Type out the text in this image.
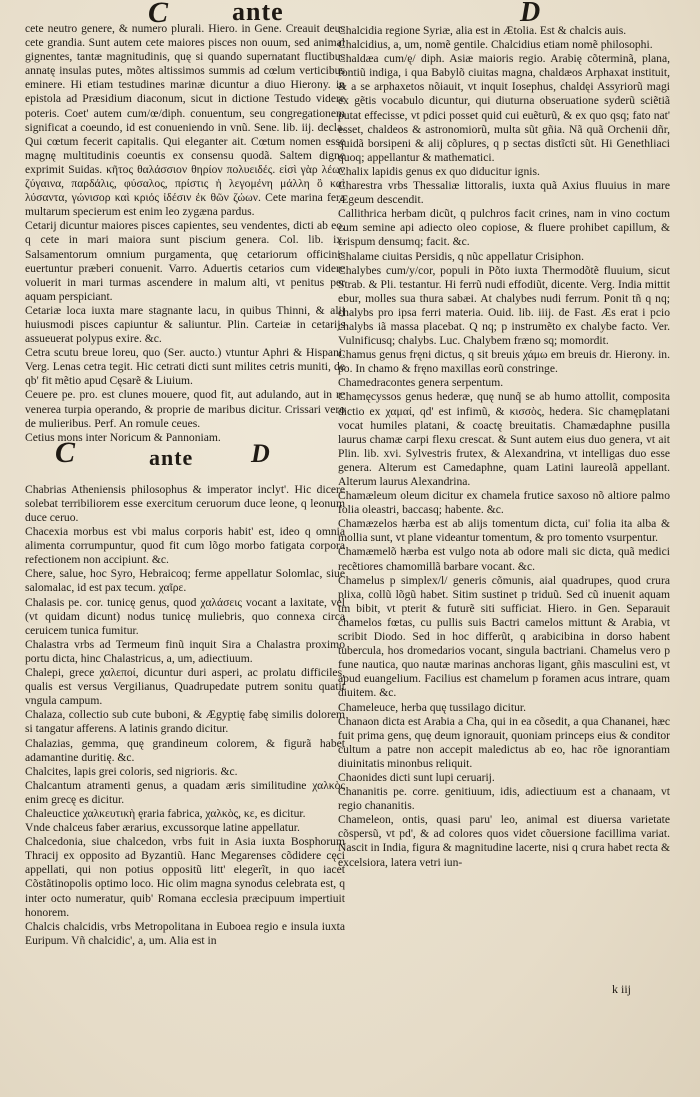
C ante	D

cete neutro genere, & numero plurali. Hiero. in Gene. Creauit deus cete grandia. Sunt autem cete maiores pisces non ouum, sed animal gignentes, tantæ magnitudinis, quę si quando supernatant fluctibus annatę insulas putes, mõtes altissimos summis ad cœlum verticibus eminere. Hi etiam testudines marinæ dicuntur a diuo Hierony. in epistola ad Præsidium diaconum, sicut in dictione Testudo videre poteris. Coet' autem cum/œ/diph. conuentum, seu congregationem significat a coeundo, id est conueniendo in vnũ. Sene. lib. iij. decla. Qui cœtum fecerit capitalis. Qui eleganter ait. Cœtum nomen esse magnę multitudinis coeuntis ex consensu quodã. Saltem digne exprimit Suidas. κῆτος θαλάσσιον θηρίον πολυειδές. εἰσὶ γὰρ λέων ζύγαινα, παρδάλις, φύσαλος, πρίστις ἡ λεγομένη μάλλη ὃ καὶ λύσαντα, γώνισορ καὶ κριός ἰδέσιν ἐκ θῶν ζώων. Cete marina fera multarum specierum est enim leo zygæna pardus.

Cetarij dicuntur maiores pisces capientes, seu vendentes, dicti ab eo, q cete in mari maiora sunt piscium genera. Col. lib. ix. Salsamentorum omnium purgamenta, quę cetariorum officinis euertuntur præberi conuenit. Varro. Aduertis cetarios cum videre voluerit in mari turmas ascendere in malum alti, vt penitus per aquam perspiciant.

Cetariæ loca iuxta mare stagnante lacu, in quibus Thinni, & alij huiusmodi pisces capiuntur & saliuntur. Plin. Carteiæ in cetarijs assueuerat polypus exire. &c.

Cetra scutu breue loreu, quo (Ser. aucto.) vtuntur Aphri & Hispani. Verg. Lenas cetra tegit. Hic cetrati dicti sunt milites cetris muniti, de qb' fit mẽtio apud Cęsarẽ & Liuium.

Ceuere pe. pro. est clunes mouere, quod fit, aut adulando, aut in re venerea turpia operando, & proprie de maribus dicitur. Crissari vero de mulieribus. Perf. An romule ceues.

Cetius mons inter Noricum & Pannoniam.

C	ante D

Chabrias Atheniensis philosophus & imperator inclyt'. Hic dicere solebat terribiliorem esse exercitum ceruorum duce leone, q leonum duce ceruo.

Chacexia morbus est vbi malus corporis habit' est, ideo q omnia alimenta corrumpuntur, quod fit cum lõgo morbo fatigata corpora refectionem non accipiunt. &c.

Chere, salue, hoc Syro, Hebraicoq; ferme appellatur Solomlac, siue salomalac, id est pax tecum. χαῖρε.

Chalasis pe. cor. tunicę genus, quod χαλάσεις vocant a laxitate, vel (vt quidam dicunt) nodus tunicę muliebris, quo connexa circa ceruicem tunica fumitur.

Chalastra vrbs ad Termeum finũ inquit Sira a Chalastra proximo portu dicta, hinc Chalastricus, a, um, adiectiuum.

Chalepi, grece χαλεποί, dicuntur duri asperi, ac prolatu difficiles, qualis est versus Vergilianus, Quadrupedate putrem sonitu quatit vngula campum.

Chalaza, collectio sub cute buboni, & Ægyptię fabę similis dolorem si tangatur afferens. A latinis grando dicitur.

Chalazias, gemma, quę grandineum colorem, & figurã habet adamantine duritię. &c.

Chalcites, lapis grei coloris, sed nigrioris. &c.

Chalcantum atramenti genus, a quadam æris similitudine χαλκὸς enim grecę es dicitur.

Chaleuctice χαλκευτικὴ ęraria fabrica, χαλκὸς, κε, es dicitur.

Vnde chalceus faber ærarius, excussorque latine appellatur.

Chalcedonia, siue chalcedon, vrbs fuit in Asia iuxta Bosphorum Thracij ex opposito ad Byzantiũ. Hanc Megarenses cõdidere cęci appellati, qui non potius oppositũ litt' elegerĩt, in quo iacet Cõstãtinopolis optimo loco. Hic olim magna synodus celebrata est, q inter octo numeratur, quib' Romana ecclesia præcipuum impertiuit honorem.

Chalcis chalcidis, vrbs Metropolitana in Euboea regio e insula iuxta Euripum. Vñ chalcidic', a, um. Alia est in

Chalcidia regione Syriæ, alia est in Ætolia. Est & chalcis auis.

Chalcidius, a, um, nomẽ gentile. Chalcidius etiam nomẽ philosophi.

Chaldæa cum/ę/ diph. Asiæ maioris regio. Arabię cõterminã, plana, fontiũ indiga, i qua Babylõ ciuitas magna, chaldæos Arphaxat instituit, & a se arphaxetos nõiauit, vt inquit Iosephus, chaldęi Assyriorũ magi ex gẽtis vocabulo dicuntur, qui diuturna obseruatione syderũ sciẽtiã putat effecisse, vt pdici posset quid cui euẽturũ, & ex quo qsq; fato nat' esset, chaldeos & astronomiorũ, multa sũt gñia. Nã quã Orchenii dñr, quidã borsipeni & alij cõplures, q p sectas distĩcti sũt. Hi Genethliaci quoq; appellantur & mathematici.

Chalix lapidis genus ex quo diducitur ignis.

Charestra vrbs Thessaliæ littoralis, iuxta quã Axius fluuius in mare Ægeum descendit.

Callithrica herbam dicũt, q pulchros facit crines, nam in vino coctum cum semine api adiecto oleo copiose, & fluere prohibet capillum, & crispum densumq; facit. &c.

Chalame ciuitas Persidis, q nũc appellatur Crisiphon.

Chalybes cum/y/cor, populi in Põto iuxta Thermodõtẽ fluuium, sicut Strab. & Pli. testantur. Hi ferrũ nudi effodiũt, dicente. Verg. India mittit ebur, molles sua thura sabæi. At chalybes nudi ferrum. Ponit tñ q nq; chalybs pro ipsa ferri materia. Ouid. lib. iiij. de Fast. Æs erat i pcio chalybs iã massa placebat. Q nq; p instrumẽto ex chalybe facto. Ver. Vulnificusq; chalybs. Luc. Chalybem fræno sq; momordit.

Chamus genus fręni dictus, q sit breuis χάμω em breuis dr. Hierony. in. po. In chamo & fręno maxillas eorũ constringe.

Chamedracontes genera serpentum.

Chamęcyssos genus hederæ, quę nunq̃ se ab humo attollit, composita dictio ex χαμαί, qd' est infimũ, & κισσὸς, hedera. Sic chamęplatani vocat humiles platani, & coactę breuitatis. Chamædaphne pusilla laurus chamæ carpi flexu crescat. & Sunt autem eius duo genera, vt ait Plin. lib. xvi. Sylvestris frutex, & Alexandrina, vt intelligas duo esse genera. Alterum est Camedaphne, quam Latini laureolã appellant. Alterum laurus Alexandrina.

Chamæleum oleum dicitur ex chamela frutice saxoso nõ altiore palmo folia oleastri, baccasq; habente. &c.

Chamæzelos hærba est ab alijs tomentum dicta, cui' folia ita alba & mollia sunt, vt plane videantur tomentum, & pro tomento vsurpentur.

Chamæmelõ hærba est vulgo nota ab odore mali sic dicta, quã medici recẽtiores chamomillã barbare vocant. &c.

Chamelus p simplex/l/ generis cõmunis, aial quadrupes, quod crura plixa, collũ lõgũ habet. Sitim sustinet p triduũ. Sed cũ inuenit aquam tm bibit, vt pterit & futurẽ siti sufficiat. Hiero. in Gen. Separauit chamelos fœtas, cu pullis suis Bactri camelos mittunt & Arabia, vt scribit Diodo. Sed in hoc differũt, q arabicibina in dorso habent tubercula, hos dromedarios vocant, singula bactriani. Chamelus vero p fune nautica, quo nautæ marinas anchoras ligant, gñis masculini est, vt apud euangelium. Facilius est chamelum p foramen acus intrare, quam diuitem. &c.

Chameleuce, herba quę tussilago dicitur.

Chanaon dicta est Arabia a Cha, qui in ea cõsedit, a qua Chananei, hæc fuit prima gens, quę deum ignorauit, quoniam princeps eius & conditor cultum a patre non accepit maledictus ab eo, hac rõe ignorantiam diuinitatis minonbus reliquit.

Chaonides dicti sunt lupi ceruarij.

Chananitis pe. corre. genitiuum, idis, adiectiuum est a chanaam, vt regio chananitis.

Chameleon, ontis, quasi paru' leo, animal est diuersa varietate cõspersũ, vt pd', & ad colores quos videt cõuersione facillima variat. Nascit in India, figura & magnitudine lacerte, nisi q crura habet recta & excelsiora, latera vetri iun-

k iij
